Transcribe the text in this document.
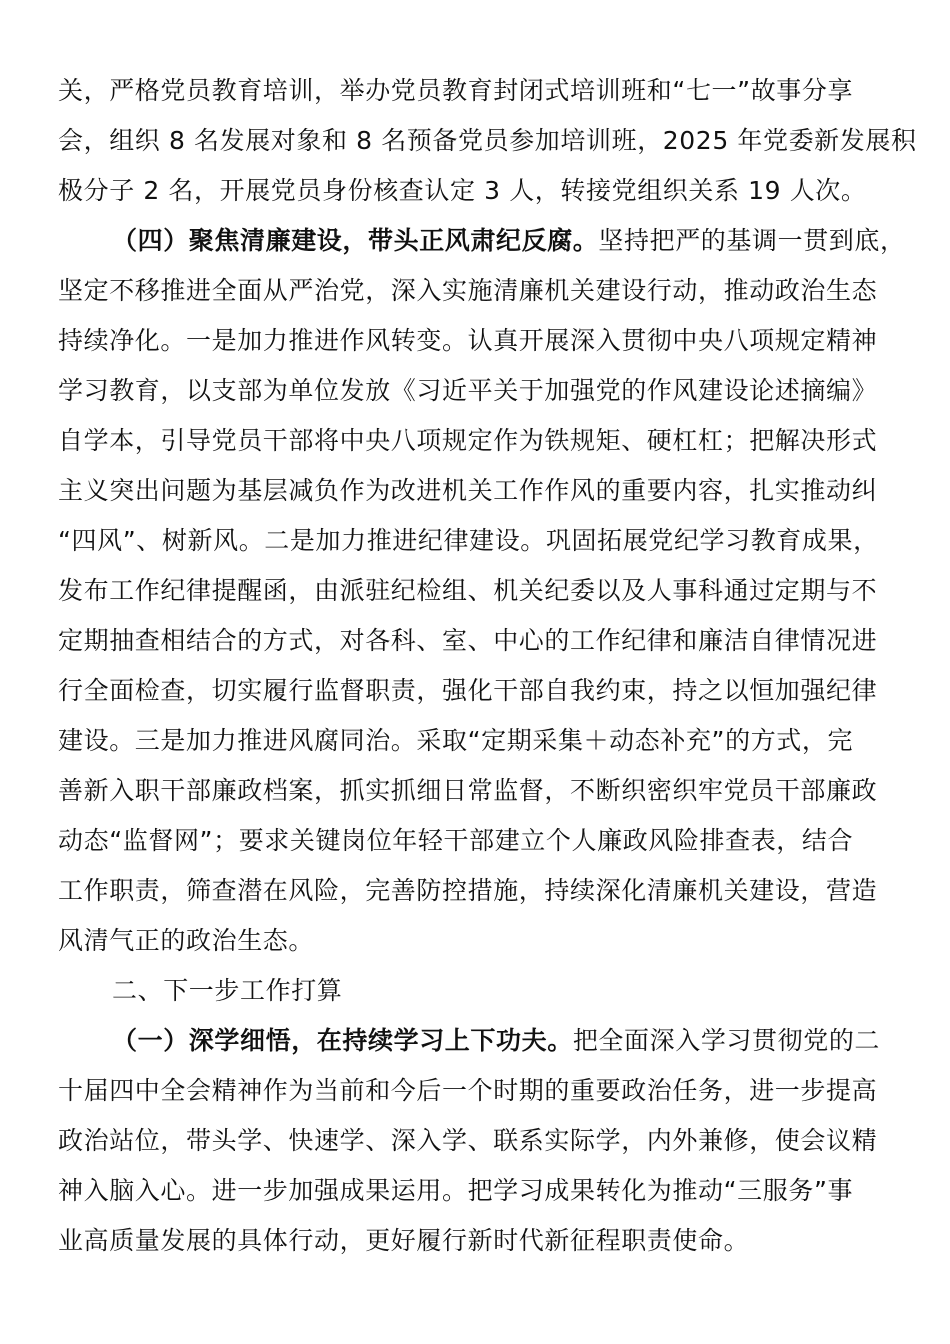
关，严格党员教育培训，举办党员教育封闭式培训班和“七一”故事分享
会，组织 8 名发展对象和 8 名预备党员参加培训班，2025 年党委新发展积
极分子 2 名，开展党员身份核查认定 3 人，转接党组织关系 19 人次。
（四）聚焦清廉建设，带头正风肃纪反腐。坚持把严的基调一贯到底，
坚定不移推进全面从严治党，深入实施清廉机关建设行动，推动政治生态
持续净化。一是加力推进作风转变。认真开展深入贯彻中央八项规定精神
学习教育，以支部为单位发放《习近平关于加强党的作风建设论述摘编》
自学本，引导党员干部将中央八项规定作为铁规矩、硬杠杠；把解决形式
主义突出问题为基层减负作为改进机关工作作风的重要内容，扎实推动纠
“四风”、树新风。二是加力推进纪律建设。巩固拓展党纪学习教育成果，
发布工作纪律提醒函，由派驻纪检组、机关纪委以及人事科通过定期与不
定期抽查相结合的方式，对各科、室、中心的工作纪律和廉洁自律情况进
行全面检查，切实履行监督职责，强化干部自我约束，持之以恒加强纪律
建设。三是加力推进风腐同治。采取“定期采集＋动态补充”的方式，完
善新入职干部廉政档案，抓实抓细日常监督，不断织密织牢党员干部廉政
动态“监督网”；要求关键岗位年轻干部建立个人廉政风险排查表，结合
工作职责，筛查潜在风险，完善防控措施，持续深化清廉机关建设，营造
风清气正的政治生态。
二、下一步工作打算
（一）深学细悟，在持续学习上下功夫。把全面深入学习贯彻党的二
十届四中全会精神作为当前和今后一个时期的重要政治任务，进一步提高
政治站位，带头学、快速学、深入学、联系实际学，内外兼修，使会议精
神入脑入心。进一步加强成果运用。把学习成果转化为推动“三服务”事
业高质量发展的具体行动，更好履行新时代新征程职责使命。
